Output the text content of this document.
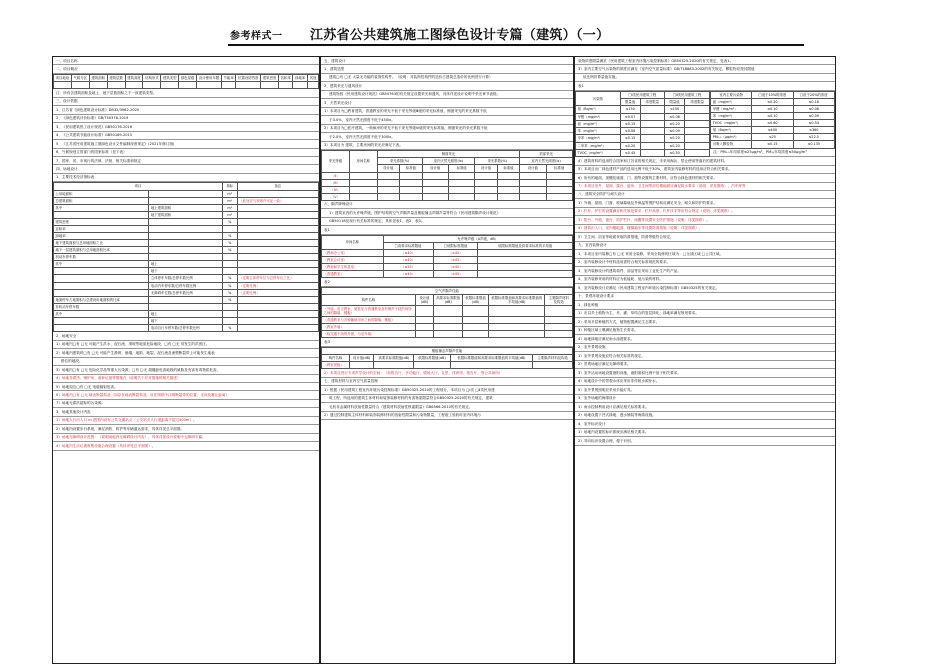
参考样式一 江苏省公共建筑施工图绿色设计专篇（建筑）（一）
一、项目名称：
二、项目概况
项目地址	气候分区	建筑面积	建筑层数	建筑高度	结构形式	建筑类型	绿色星级	设计使用年限	节能率	抗震设防烈度	建筑密度	容积率	绿地率	其他

注：所有含建筑面积及地上、地下层数面积之不一致建筑类型。
三、设计依据
1、江苏省《绿色建筑设计标准》DB32/3962-2020
2、《绿色建筑评价标准》GB/T50378-2019
3、《民用建筑热工设计规范》GB50176-2016
4、《公共建筑节能设计标准》GB50189-2015
5、《江苏省民用建筑施工图绿色设计文件编制深度规定》(2021年修订版)
6、气候规划主管部门的国家标准（见下表）
7、国家、省、市现行的法律、法规、相关标准和规定
四、场地设计
1、主要技术经济指标表
项目		指标	备注
公用地面积		m²	
总建筑面积		m²	（此处应与规划许可证一致）
其中	地上建筑面积	m²	
	地下建筑面积	m²	
建筑密度		%	
容积率			
绿地率		%	
地下建筑面积与总用地面积之比		%	
地下一层建筑面积与总用地面积比率		%	
机动车停车数			
其中	地上		
	地下		
	立体停车车数/总停车数比例	%	（注明立体停车位与总停车位之比）
	电动汽车停车数/总停车数比例	%	（注明比例）
	无障碍车位数/总停车数比例	%	（注明比例）
地面停车占地面积与总建设用地面积的比率		%	
非机动车停车数			
其中	地上		
	地下		
	电动自行车停车数/总停车数比例	%	
2、场地安全
1）场地内□有 □无 可能产生洪水、泥石流、滑坡等地质危险地段，□有 □无 易发生的洪涝区。
2）场地内建筑时□有 □无 可能产生滑坡、崩塌、地陷、地裂、泥石流及流塑断裂带上可能发生地表
错位的地段。
3）场地内□有 □无 危险化学品等重大污染源；□有 □无 超爆距危害地段的威胁及有害有毒物质危害。
4）场地非滞涝、锅炉房、废弃垃圾等措施在（说明关于应对措施的相关描述）
5）场地周边□有 □无 电磁辐射危害。
6）场地内□有 □无 地表断裂构造（如存在地表断裂构造，应在图纸中注明断裂带的位置、走向及避让距离）
7）场地无滞洪超标的污染源。
3、场地其他设计内容
1）场地人行出入口 m 范围内设有公共交通站点（公交站点人行道距离不超过500m）。
2）场地内设置步行系统，满足消防、救护等车辆通达需求，具体详见总平面图。
3）场地无障碍设计范围：（说明场地内无障碍设计内容），具体详见设计说明中无障碍专篇。
4）场地内生活垃圾收集设施合理设置（具体详见总平面图）。
五、建筑设计
1、建筑造型
建筑□有 □无 大量无功能的装饰性构件。（说明：对装饰性构件的造价占建筑总造价的比例进行计算）
2、建筑采光与通风设计
建筑物按《民用建筑设计规范》GB50763的有关规定设置采光和通风，具体详见设计说明中采光章节表格。
3、天然采光设计
1）本项目为□教育建筑，普通教室的采光不低于采光等级Ⅲ级的采光标准值，侧窗采光的采光系数不低
于3.0%，室内天然光照度不低于450lx。
2）本项目为□医疗建筑，一般病房的采光不低于采光等级Ⅳ级的采光标准值，侧窗采光的采光系数不低
于2.0%，室内天然光照度不低于300lx。
3）本项目为 建筑，主要房间的采光应满足下表。
采光等级	房间名称	侧面采光						顶部采光	
		采光系数(%)		室内天然光照度(lx)		采光系数(%)		室内天然光照度(lx)	
		设计值	标准值	设计值	标准值	设计值	标准值	设计值	标准值
（Ⅱ）									
（Ⅲ）									
（Ⅳ）									
（Ⅴ）									
六、隔声降噪设计
1）建筑室内的允许噪声级、围护结构的空气声隔声量及楼板撞击声隔声量等符合《民用建筑隔声设计规范》
GB50118及现行有关标准的规定，具体见表1、表2、表3。
表1
房间名称	允许噪声级（A声级，dB）		
	□高要求标准限值	□低限标准限值	低限标准限值及高要求标准的平均值
（教师办公室）	（≤40）	（≤45）	
（教室会议室）	（≤40）	（≤45）	
（教师和学生休息室）	（≤35）	（≤40）	
（普通教室）	（≤40）	（≤45）	
表2
空气声隔声性能					
构件名称	设计值(dB)	高要求标准限值(dB)	低限标准限值(dB)	低限标准限值和高要求标准限值的平均值(dB)	主要隔声材料及构造
（外墙：语言教室、阅览室与普通教室及有噪声干扰的场所之间的隔墙、楼板）					
（普通教室与各种辅助用房之间的隔墙、楼板）					
（教室外墙）					
（临交通干线的外窗，为室外墙）					
表3
楼板撞击声隔声性能					
构件名称	设计值(dB)	高要求标准限值(dB)	低限标准限值(dB)	低限标准限值和高要求标准限值的平均值(dB)	主要隔声材料及构造
（教室顶板）					
2）本项目进行专项声学设计的空间：（如报告厅、多功能厅、剧场大厅、礼堂、体育馆、报告厅、等公共场所）
七、建筑材料与室内空气质量控制
1）根据《民用建筑工程室内环境污染控制标准》GB50325-2020的工程划分，本项目为 □Ⅰ类 □Ⅱ类民用建
筑工程，所选用的建筑主体材料和装饰装修材料的有害物质限量符合GB50325-2020的有关规定，建筑
无机非金属材料放射性限量符合《建筑材料放射性核素限量》GB6566-2010的有关规定。
2）通过控制建筑主体材料和装饰装修材料的放射性限量和污染物限量，工程竣工验收时室内环境污
染物浓度限量满足《民用建筑工程室内环境污染控制标准》GB50325-2020的有关规定，见表1。
3）室内主要空气污染物的浓度应满足《室内空气质量标准》GB/T18883-2002的有关规定，颗粒物应按其限值
低比例折算量值实施。
表1
污染物	□Ⅰ类民用建筑工程		□Ⅱ类民用建筑工程	
	限量值	浓度限量	限量值	浓度限量
氡（Bq/m³）	≤150		≤150	
甲醛（mg/m³）	≤0.07		≤0.08	
氨（mg/m³）	≤0.15		≤0.20	
苯（mg/m³）	≤0.06		≤0.09	
甲苯（mg/m³）	≤0.15		≤0.20	
二甲苯（mg/m³）	≤0.20		≤0.20	
TVOC（mg/m³）	≤0.45		≤0.50	
室内主要污染物	□低于10%的浓度	□低于20%的浓度
氨（mg/m³）	≤0.20	≤0.18
甲醛（mg/m³）	≤0.10	≤0.08
苯（mg/m³）	≤0.10	≤0.09
TVOC（mg/m³）	≤0.60	≤0.54
氡（Bq/m³）	≤400	≤360
PM₂.₅（μg/m³）	≤25	≤22.5
可吸入颗粒物	≤0.15	≤0.135
注：PM₂.₅年均浓度≤25μg/m³，PM₁₀年均浓度≤50μg/m³
4）建筑材料的选用符合国家和江苏省的相关规定，未采用淘汰、禁止使用等落后的建筑材料。
5）本项目出厂绿色建材产品的选用比例不低于30%，建筑室内装修材料的选用应符合相关要求。
6）所有的地面、顶棚及墙面、门、窗等设置的主要材料，应符合绿色建材的相关要求。
7）本项目室外、屋面、露台、厨房、卫生间等部位楼地面应满足防水要求（说明：详见图纸），汽车库等
八、建筑安全防护与耐久设计
1）外墙、屋面、门窗、玻璃幕墙及外保温等围护结构应满足安全、耐久和防护的要求。
2）栏杆、护栏的设置满足相关规范要求，栏杆高度、栏杆扶手等应符合规定（说明：详见图纸）。
3）阳台、外窗、窗台、防护栏杆、雨棚等设置安全防护措施（说明：详见图纸）。
4）建筑出入口、室内楼地面、楼梯踏步等设置防滑措施（说明：详见图纸）。
5）卫生间、浴室等地面采取防滑措施，防滑等级符合规定。
九、室内装修设计
1、本项目室内装修□有 □无 采用全装修，采用全装修的区域为：□全部区域 □公共区域。
2、室内装修设计中材料选用需符合相关标准规范的要求。
3、室内装修设计的建筑构件、部品等应采用工业化生产的产品。
4、室内装修采用的材料应为低能耗、低污染的材料。
5、室内装修设计应满足《民用建筑工程室内环境污染控制标准》GB50325的有关规定。
十、景观环境设计要求
1、绿化种植
1）应以乡土植物为主，乔、灌、草结合的复层绿化，绿地率满足规划要求。
2）采用多层种植的方式，植物配置满足生态要求。
3）种植区域土壤满足植物生长需求。
4）场地绿地应满足雨水渗透要求。
2、室外景观设施
1）室外景观设施应符合相关标准的规定。
2）景观场地应满足无障碍要求。
3）室外活动场地设置遮阳设施，遮阳面积比例不低于相关要求。
4）场地设计中的景观水体应采用非传统水源补水。
5）室外景观照明应采用节能灯具。
3、室外场地的海绵设计
1）雨水控制利用设计应满足相关标准要求。
2）场地设置下凹式绿地、透水铺装等海绵设施。
4、室外标识设计
1）场地内设置的标识系统应满足相关要求。
2）导向标识设置合理，便于识别。
